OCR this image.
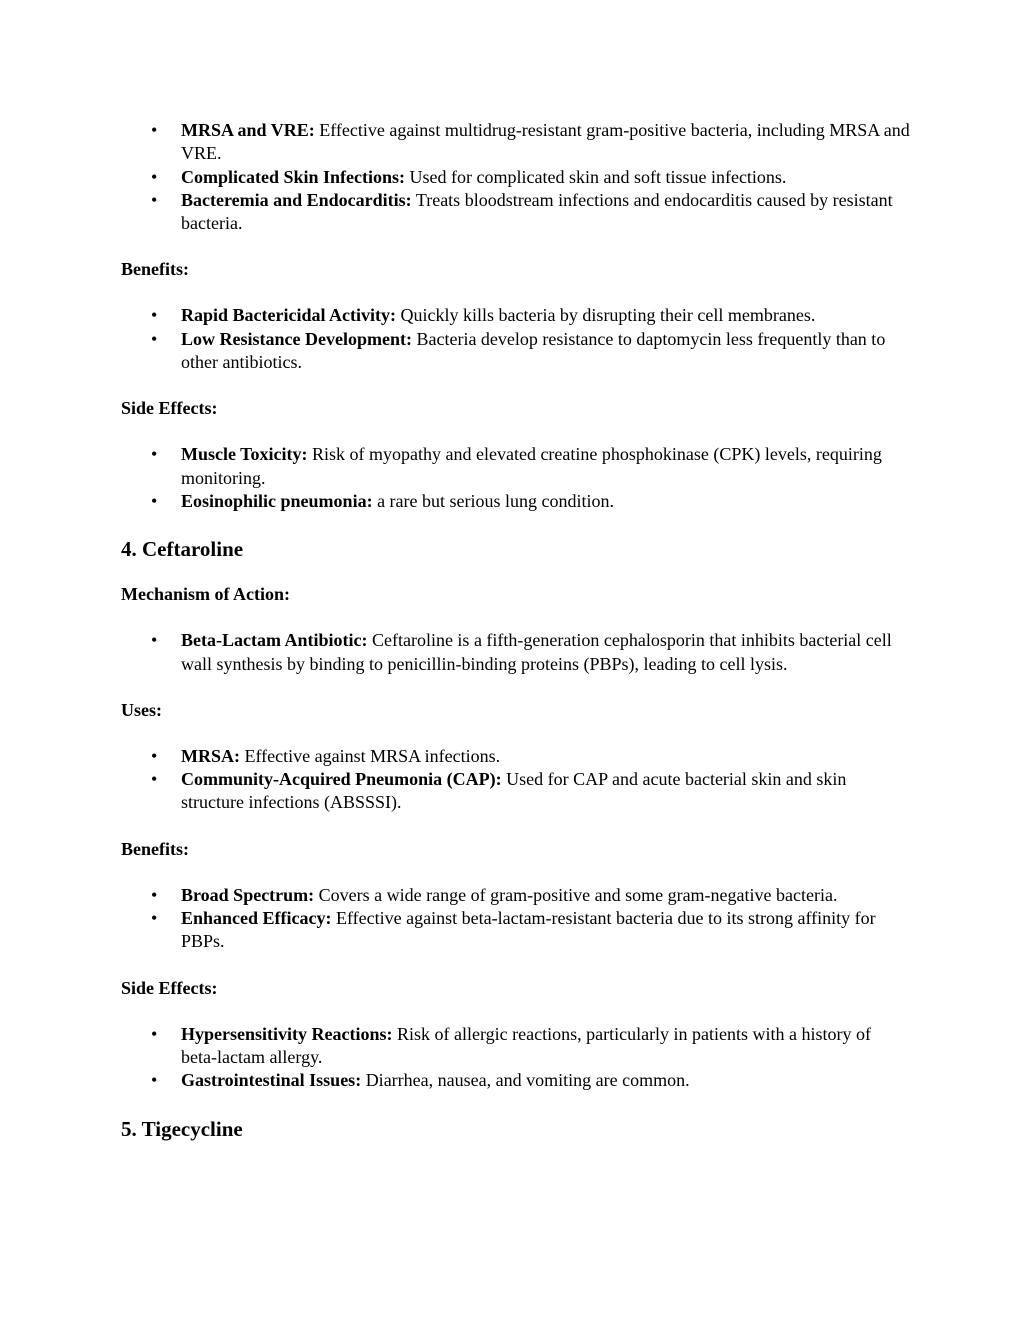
• MRSA and VRE: Effective against multidrug-resistant gram-positive bacteria, including MRSA and VRE.
• Complicated Skin Infections: Used for complicated skin and soft tissue infections.
• Bacteremia and Endocarditis: Treats bloodstream infections and endocarditis caused by resistant bacteria.

Benefits:

• Rapid Bactericidal Activity: Quickly kills bacteria by disrupting their cell membranes.
• Low Resistance Development: Bacteria develop resistance to daptomycin less frequently than to other antibiotics.

Side Effects:

• Muscle Toxicity: Risk of myopathy and elevated creatine phosphokinase (CPK) levels, requiring monitoring.
• Eosinophilic pneumonia: a rare but serious lung condition.
4. Ceftaroline

Mechanism of Action:

• Beta-Lactam Antibiotic: Ceftaroline is a fifth-generation cephalosporin that inhibits bacterial cell wall synthesis by binding to penicillin-binding proteins (PBPs), leading to cell lysis.

Uses:

• MRSA: Effective against MRSA infections.
• Community-Acquired Pneumonia (CAP): Used for CAP and acute bacterial skin and skin structure infections (ABSSSI).

Benefits:

• Broad Spectrum: Covers a wide range of gram-positive and some gram-negative bacteria.
• Enhanced Efficacy: Effective against beta-lactam-resistant bacteria due to its strong affinity for PBPs.

Side Effects:

• Hypersensitivity Reactions: Risk of allergic reactions, particularly in patients with a history of beta-lactam allergy.
• Gastrointestinal Issues: Diarrhea, nausea, and vomiting are common.
5. Tigecycline
